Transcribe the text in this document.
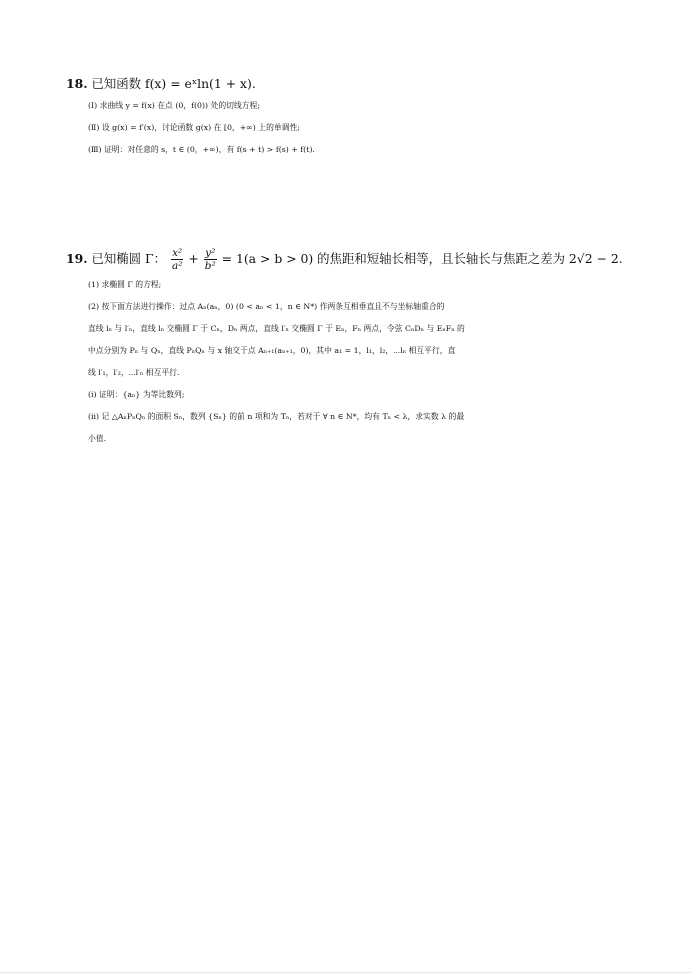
18. 已知函数 f(x) = eˣln(1 + x).
(Ⅰ) 求曲线 y = f(x) 在点 (0，f(0)) 处的切线方程;
(Ⅱ) 设 g(x) = f′(x)，讨论函数 g(x) 在 [0，+∞) 上的单调性;
(Ⅲ) 证明：对任意的 s，t ∈ (0，+∞)，有 f(s + t) > f(s) + f(t).
19. 已知椭圆 Γ： $\frac{\text{x²}}{\text{a²}} + \frac{\text{y²}}{\text{b²}} = 1(a > b > 0)$ 的焦距和短轴长相等，且长轴长与焦距之差为 2√2 − 2.
(1) 求椭圆 Γ 的方程;
(2) 按下面方法进行操作：过点 Aₙ(aₙ，0) (0 < aₙ < 1，n ∈ N*) 作两条互相垂直且不与坐标轴重合的
直线 lₙ 与 l′ₙ，直线 lₙ 交椭圆 Γ 于 Cₙ，Dₙ 两点，直线 l′ₙ 交椭圆 Γ 于 Eₙ，Fₙ 两点，令弦 CₙDₙ 与 EₙFₙ 的
中点分别为 Pₙ 与 Qₙ，直线 PₙQₙ 与 x 轴交于点 Aₙ₊₁(aₙ₊₁，0)，其中 a₁ = 1，l₁，l₂，⋯lₙ 相互平行，直
线 l′₁，l′₂，⋯l′ₙ 相互平行.
(i) 证明：{aₙ} 为等比数列;
(ii) 记 △AₙPₙQₙ 的面积 Sₙ，数列 {Sₙ} 的前 n 项和为 Tₙ，若对于 ∀ n ∈ N*，均有 Tₙ < λ，求实数 λ 的最
小值.
